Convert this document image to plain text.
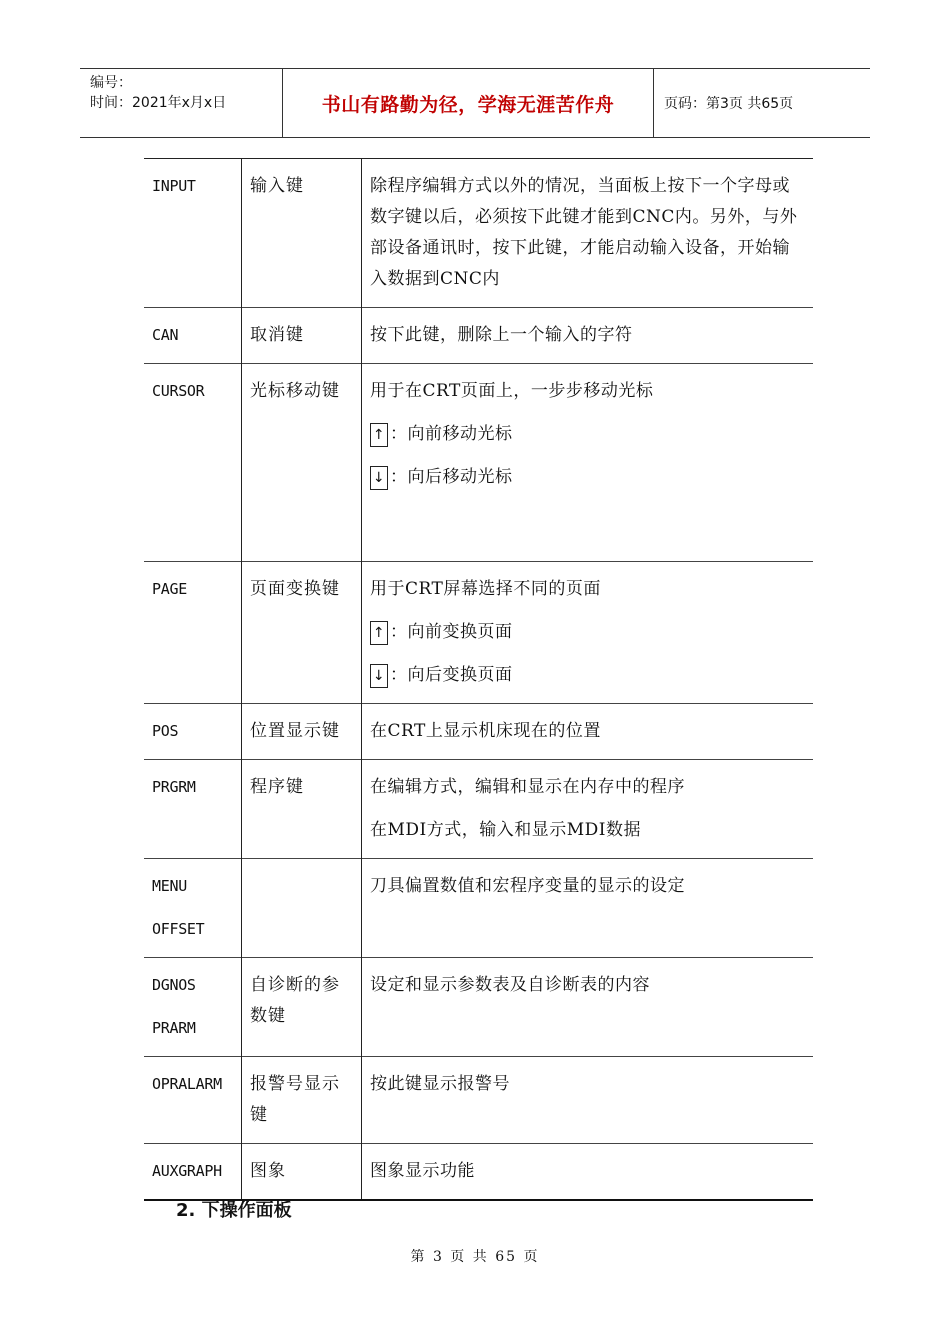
编号：
时间：2021年x月x日	书山有路勤为径，学海无涯苦作舟	页码：第3页 共65页
INPUT	输入键	除程序编辑方式以外的情况，当面板上按下一个字母或数字键以后，必须按下此键才能到CNC内。另外，与外部设备通讯时，按下此键，才能启动输入设备，开始输入数据到CNC内
CAN	取消键	按下此键，删除上一个输入的字符
CURSOR	光标移动键	用于在CRT页面上，一步步移动光标
↑ ：向前移动光标
↓ ：向后移动光标

PAGE	页面变换键	用于CRT屏幕选择不同的页面
↑ ：向前变换页面
↓ ：向后变换页面

POS	位置显示键	在CRT上显示机床现在的位置
PRGRM	程序键	在编辑方式，编辑和显示在内存中的程序
在MDI方式，输入和显示MDI数据

MENU
OFFSET		刀具偏置数值和宏程序变量的显示的设定

DGNOS
PRARM	自诊断的参数键	设定和显示参数表及自诊断表的内容
OPRALARM	报警号显示键	按此键显示报警号
AUXGRAPH	图象	图象显示功能
2. 下操作面板
第 3 页 共 65 页
